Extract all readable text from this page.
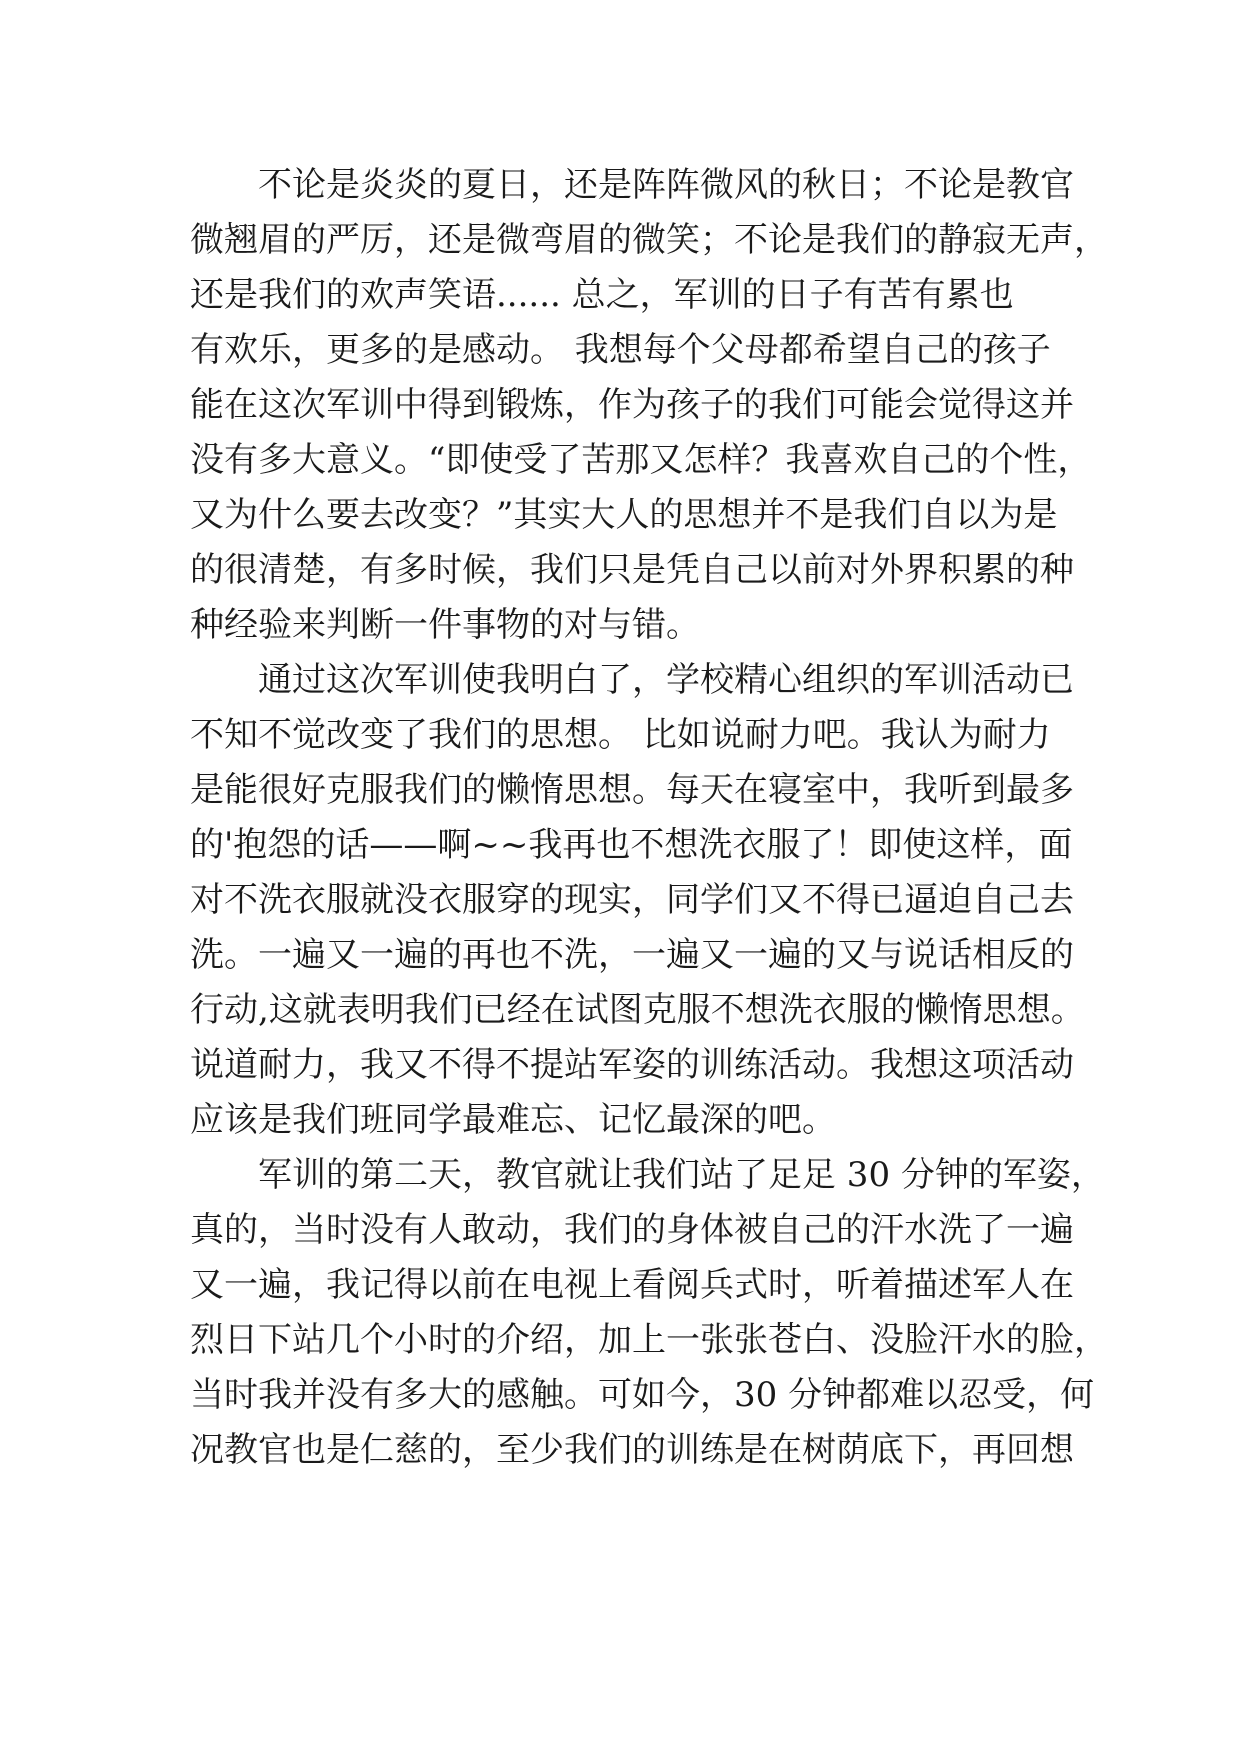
不论是炎炎的夏日，还是阵阵微风的秋日；不论是教官
微翘眉的严厉，还是微弯眉的微笑；不论是我们的静寂无声，
还是我们的欢声笑语...... 总之，军训的日子有苦有累也
有欢乐，更多的是感动。 我想每个父母都希望自己的孩子
能在这次军训中得到锻炼，作为孩子的我们可能会觉得这并
没有多大意义。“即使受了苦那又怎样？我喜欢自己的个性，
又为什么要去改变？”其实大人的思想并不是我们自以为是
的很清楚，有多时候，我们只是凭自己以前对外界积累的种
种经验来判断一件事物的对与错。
通过这次军训使我明白了，学校精心组织的军训活动已
不知不觉改变了我们的思想。 比如说耐力吧。我认为耐力
是能很好克服我们的懒惰思想。每天在寝室中，我听到最多
的'抱怨的话——啊~~我再也不想洗衣服了！即使这样，面
对不洗衣服就没衣服穿的现实，同学们又不得已逼迫自己去
洗。一遍又一遍的再也不洗，一遍又一遍的又与说话相反的
行动,这就表明我们已经在试图克服不想洗衣服的懒惰思想。
说道耐力，我又不得不提站军姿的训练活动。我想这项活动
应该是我们班同学最难忘、记忆最深的吧。
军训的第二天，教官就让我们站了足足 30 分钟的军姿，
真的，当时没有人敢动，我们的身体被自己的汗水洗了一遍
又一遍，我记得以前在电视上看阅兵式时，听着描述军人在
烈日下站几个小时的介绍，加上一张张苍白、没脸汗水的脸，
当时我并没有多大的感触。可如今，30 分钟都难以忍受，何
况教官也是仁慈的，至少我们的训练是在树荫底下，再回想
